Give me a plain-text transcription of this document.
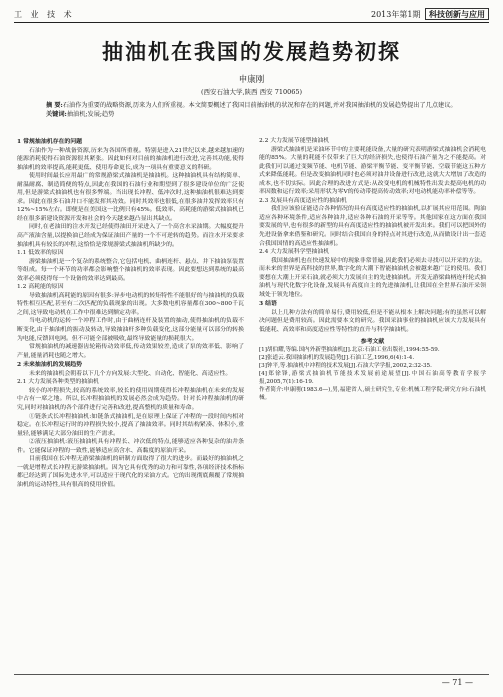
工 业 技 术	2013年第1期 科技创新与应用
抽油机在我国的发展趋势初探
申康刚
(西安石油大学,陕西 西安 710065)
摘 要:石油作为重要的战略资源,历来为人们所重视。本文简要概述了我国目前抽油机的状况和存在的问题,并对我国抽油机的发展趋势提出了几点建议。
关键词:抽油机;发展;趋势
1 常规抽油机存在的问题
石油作为一种战备资源,历来为各国所重视。特别是进入21世纪以来,越来越加速的能源消耗使得石油资源很其紧张。因此如何对目前的抽油机进行改进,完善其功能,使得抽油机的效率提高,能耗更低、使用寿命更长,成为一项具有重要意义的科研。
使用时间最长应用最广的常规游梁式抽油机是抽油机。这种抽油机具有结构简单、耐温耐腐、制造简便的特点,因此在我国的石油行业和期望到了很多建设单位的广泛使用,但是游梁式抽油机也有很多弊端。当出现长冲程、低冲次时,这种抽油机很难达到要求。因此在很多石油井口不能发挥其功效。同时其效率也很低,在很多油井发挥效率只有12%~15%左右。即便是在美国这一比例只有45%。低效率、高耗能的游梁式抽油机已经在很多新建设资源开发和社会的今天越来越凸显出其缺点。
同时,在老油田的注水开发已经使得油田开采进入了一个高含水采油期。大幅度提升高产液油含量,以提换油已经成为保证油田产量的一个不可逆转的趋势。而注水开采要求抽油机具有较长的冲程,这恰恰是常规游梁式抽油机所缺少的。
1.1 低效率的原因
游梁抽油机是一个复杂的系统整合,它包括电机、曲柄连杆、悬点、井下抽油泵装置等组成。每一个环节的功率都会影响整个抽油机的效率表现。因此要想达到系统的最高效率必须使得每一个设备的效率达到最高。
1.2 高耗能的原因
导致抽油机高耗能的原因有很多:异步电动机的转矩特性不能很好的与抽油机的负载特性相互匹配,甚至有二次匹配的负载现象的出现。大多数电机容量都在300~800千瓦之间,这导致电动机在工作中很难达到额定功率。
当电动机的运转一个冲程工作时,由于曲柄连杆及装置的抽动,使得抽油机的负载不断变化,由于抽油机的振动及转动,导致抽油杆多种负载变化,这部分能量可以部分的转换为电能,反馈回电网。但不可能全部被吸收,最终导致能量的损耗很大。
常规抽油机的减速器齿轮箱传动效率低,传动效果较差,造成了泵的效率低、影响了产量,能量消耗也随之增大。
2 未来抽油机的发展趋势
未来的抽油机会朝着以下几个方向发展:大型化、自动化、智能化、高适应性。
2.1 大力发展各种类型的抽油机
较小的冲程损失,较高的系统效率,较长的使用周期使得长冲程抽油机在未来的发展中占有一席之地。所以,长冲程抽油机的发展必然会成为趋势。针对长冲程抽油机的研究,同时对抽油机的各个部件进行完善和改进,提高整机的质量和寿命。
①链条式长冲程抽油机:如链条式抽油机,是在原理上保证了冲程的一段时间内相对稳定。在长冲程运行时的冲程损失较小,提高了抽油效率。同时其结构紧凑、体积小,重量轻,能够满足大部分油田的生产需求。
②液压抽油机:液压抽油机具有冲程长、冲次低的特点,能够适应各种复杂的油井条件。它能保证冲程的一致性,能够适应高含水、高黏度的原油开采。
目前我国在长冲程无游梁抽油机的研制方面取得了很大的进步。而最好的抽油机之一就是增程式长冲程无游梁抽油机。因为它具有优秀的动力和可靠性,各项经济技术指标都已经达到了国际先进水平,可以适应于现代化的采油方式。它的出现彻底颠覆了常规抽油机的运动特性,具有很高的使用价值。
2.2 大力发展节能型抽油机
游梁式抽油机是采油环节中的主要耗能设备,大量的研究表明游梁式抽油机会消耗电能的85%。大量的耗能不仅带来了巨大的经济损失,也使得石油产量为之不能提高。对此我们可以通过变频节能、电机节能、游梁平衡节能、变平衡节能、空载节能这五种方式来降低能耗。但是改变抽油机同时也必须对油井设备进行改进,这就大大增加了改造的成本,也不切实际。因此合理的改进方式是:从改变电机的机械特性出发去提高电机的功率因数和运行效率;采用形状为零V的传动带提高传动效率;对电动机能功率补偿等等。
2.3 发展具有高度适应性的抽油机
我们应该验证能适合各种情况的具有高度适应性的抽油机,以扩展其应用范围。陶油适应各种环境条件,适应各种油井,适应各种石油的开采等等。其他国家在这方面在我国要发展的早,也有很多的新型的具有高度适应性的抽油机被开发出来。我们可以把国外的先进设备拿来借鉴和研究。同时结合我国自身的特点对其进行改造,从而做设计出一套适合我国国情的高适应性抽油机。
2.4 大力发展科学型抽油机
我国抽油机也在快速发展中的现象非常普遍,因此我们必须去寻找可以开采的方法。而未来的世界是高科技的世界,数字化的大潮下智能抽油机会被越来越广泛的使用。我们要想在大潮上开采石油,就必须大力发展自主的先进抽油机。开发无游梁曲柄连杆轮式抽油机与现代化数字化设备,发展具有高度自主的先进抽油机,让我国在全世界石油开采领域处于领先地位。
3 结语
以上几种方法有的简单易行,费用较低,但是不能从根本上解决问题;有的虽然可以解决问题但是费用较高。因此需要本文的研究。我国采油事业的抽油机应该大力发展具有低能耗、高效率和高度适应性等特性的直升与科学抽油机。
参考文献
[1]胡伯耀,等编.国内外新型抽油机[J].北京:石油工业出版社,1994:55-59.
[2]张道云.我国抽油机的发展趋势[J].石油工艺,1996,6(4):1-4.
[3]钟平,等.抽油机中冲程的技术发展[J].石油大学学报,2002,2:32-35.
[4]郑徐锋,游梁式抽油机节能技术发展前途展望[J].中国石油高等教育学报学报,2005,7(1):16-19.
作者简介:申康刚(1983.6—),男,福建省人,硕士研究生,专业:机械工程学院;研究方向:石油机械。
— 71 —
